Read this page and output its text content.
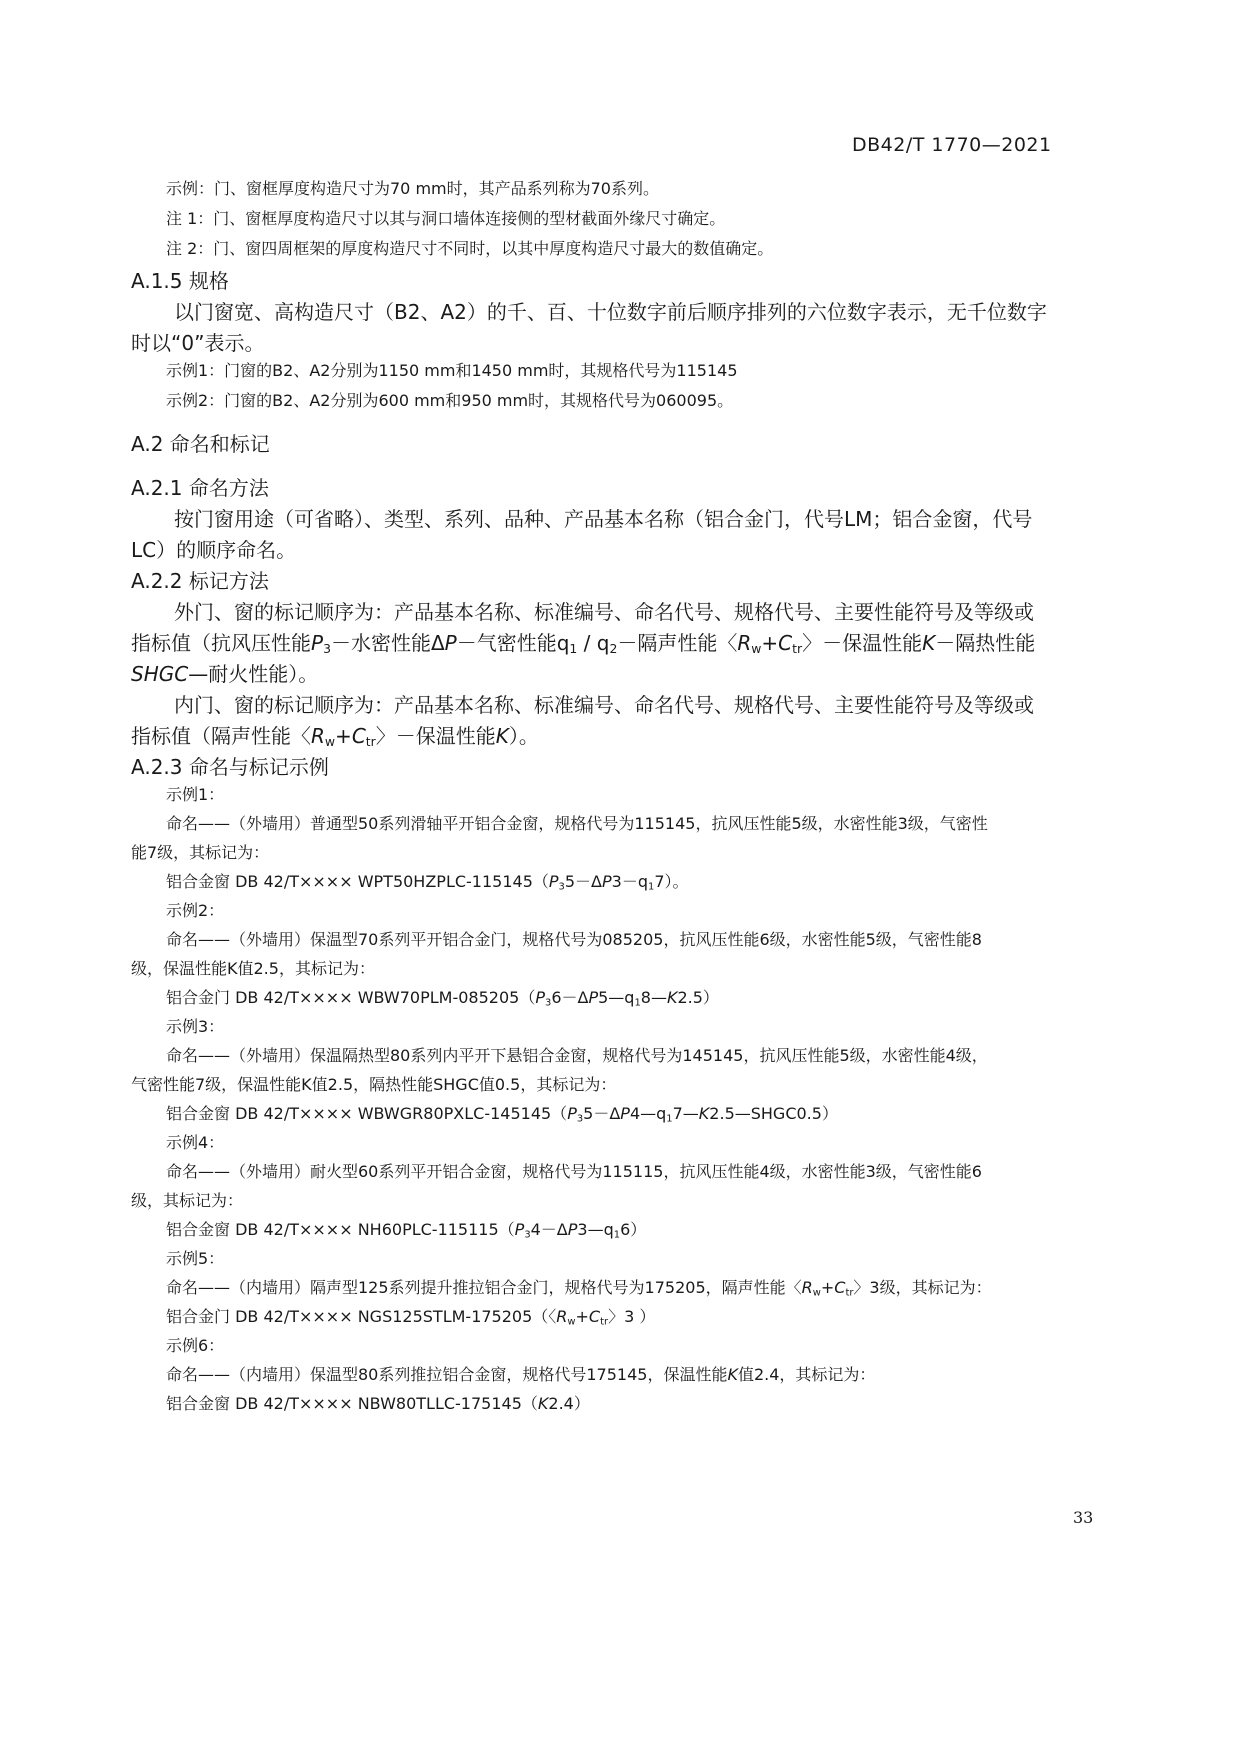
DB42/T 1770—2021
示例：门、窗框厚度构造尺寸为70 mm时，其产品系列称为70系列。
注 1：门、窗框厚度构造尺寸以其与洞口墙体连接侧的型材截面外缘尺寸确定。
注 2：门、窗四周框架的厚度构造尺寸不同时，以其中厚度构造尺寸最大的数值确定。
A.1.5 规格
以门窗宽、高构造尺寸（B2、A2）的千、百、十位数字前后顺序排列的六位数字表示，无千位数字
时以“0”表示。
示例1：门窗的B2、A2分别为1150 mm和1450 mm时，其规格代号为115145
示例2：门窗的B2、A2分别为600 mm和950 mm时，其规格代号为060095。
A.2 命名和标记
A.2.1 命名方法
按门窗用途（可省略）、类型、系列、品种、产品基本名称（铝合金门，代号LM；铝合金窗，代号
LC）的顺序命名。
A.2.2 标记方法
外门、窗的标记顺序为：产品基本名称、标准编号、命名代号、规格代号、主要性能符号及等级或
指标值（抗风压性能$P_3-$水密性能ΔP－气密性能$q_1 / q_2-$隔声性能〈$R_w+C_{tr}$〉－保温性能K－隔热性能
SHGC—耐火性能）。
内门、窗的标记顺序为：产品基本名称、标准编号、命名代号、规格代号、主要性能符号及等级或
指标值（隔声性能〈$R_w+C_{tr}$〉－保温性能K）。
A.2.3 命名与标记示例
示例1：
命名——（外墙用）普通型50系列滑轴平开铝合金窗，规格代号为115145，抗风压性能5级，水密性能3级，气密性
能7级，其标记为：
铝合金窗 DB $42/T\times\times\times\times WPT50HZPLC-115145(P_35-\Delta P3-q_17)$。
示例2：
命名——（外墙用）保温型70系列平开铝合金门，规格代号为085205，抗风压性能6级，水密性能5级，气密性能8
级，保温性能K值2.5，其标记为：
铝合金门 DB $42/T\times\times\times\times WBW70PLM-085205(P_36-\Delta P5—q_18—K2.5)$
示例3：
命名——（外墙用）保温隔热型80系列内平开下悬铝合金窗，规格代号为145145，抗风压性能5级，水密性能4级，
气密性能7级，保温性能K值2.5，隔热性能SHGC值0.5，其标记为：
铝合金窗 DB $42/T\times\times\times\times WBWGR80PXLC-145145(P_35-\Delta P4—q_17—K2.5—SHGC0.5)$
示例4：
命名——（外墙用）耐火型60系列平开铝合金窗，规格代号为115115，抗风压性能4级，水密性能3级，气密性能6
级，其标记为：
铝合金窗 DB $42/T\times\times\times\times NH60PLC-115115(P_34-\Delta P3—q_16)$
示例5：
命名——（内墙用）隔声型125系列提升推拉铝合金门，规格代号为175205，隔声性能〈$R_w+C_{tr}$〉3级，其标记为：
铝合金门 DB 42/T×××× NGS125STLM-175205（〈$R_w+C_{tr}$〉3 ）
示例6：
命名——（内墙用）保温型80系列推拉铝合金窗，规格代号175145，保温性能K值2.4，其标记为：
铝合金窗 DB 42/T×××× NBW80TLLC-175145（K2.4）
33
